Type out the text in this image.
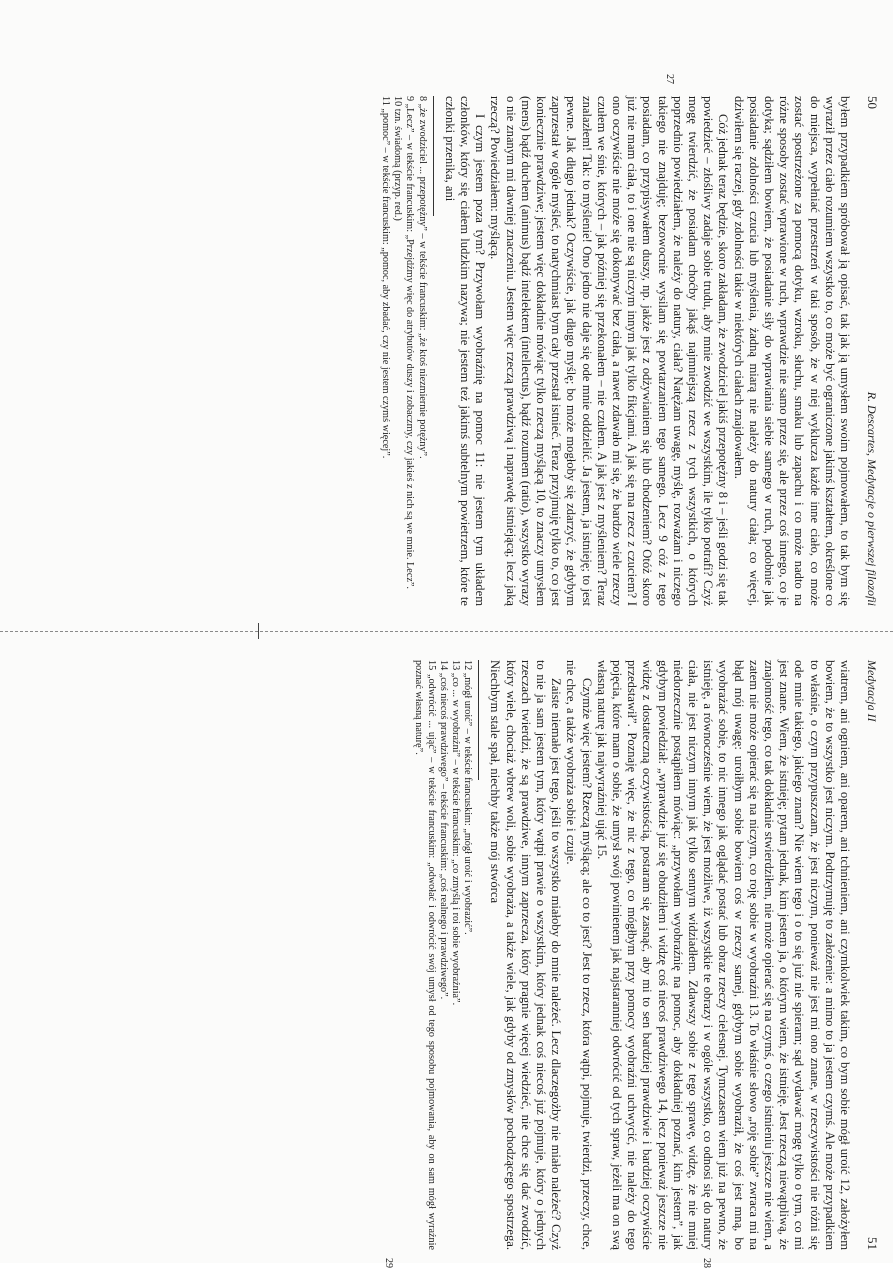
50
R. Descartes, Medytacje o pierwszej filozofii
27

byłem przypadkiem spróbował ją opisać, tak jak ją umysłem swoim pojmowałem, to tak bym się wyraził przez ciało rozumiem wszystko to, co może być ograniczone jakimś kształtem, określone co do miejsca, wypełniać przestrzeń w taki sposób, że w niej wyklucza każde inne ciało, co może zostać spostrzeżone za pomocą dotyku, wzroku, słuchu, smaku lub zapachu i co może nadto na różne sposoby zostać wprawione w ruch, wprawdzie nie samo przez się, ale przez coś innego, co je dotyka; sądziłem bowiem, że posiadanie siły do wprawiania siebie samego w ruch, podobnie jak posiadanie zdolności czucia lub myślenia, żadną miarą nie należy do natury ciała; co więcej, dziwiłem się raczej, gdy zdolności takie w niektórych ciałach znajdowałem.

Cóż jednak teraz będzie, skoro zakładam, że zwodziciel jakiś przepotężny 8 i – jeśli godzi się tak powiedzieć – złośliwy zadaje sobie trudu, aby mnie zwodzić we wszystkim, ile tylko potrafi? Czyż mogę twierdzić, że posiadam choćby jakąś najmniejszą rzecz z tych wszystkich, o których poprzednio powiedziałem, że należy do natury, ciała? Natężam uwagę, myślę, rozważam i niczego takiego nie znajduję; bezowocnie wysilam się powtarzaniem tego samego. Lecz 9 cóż z tego posiadam, co przypisywałem duszy, np. jakże jest z odżywianiem się lub chodzeniem? Otóż skoro już nie mam ciała, to i one nie są niczym innym jak tylko fikcjami. A jak się ma rzecz z czuciem? I ono oczywiście nie może się dokonywać bez ciała, a nawet zdawało mi się, że bardzo wiele rzeczy czułem we śnie, których – jak później się przekonałem – nie czułem. A jak jest z myśleniem? Teraz znalazłem! Tak: to myślenie! Ono jedno nie daje się ode mnie oddzielić. Ja jestem, ja istnieję; to jest pewne. Jak długo jednak? Oczywiście, jak długo myślę; bo może mogłoby się zdarzyć, że gdybym zaprzestał w ogóle myśleć, to natychmiast bym cały przestał istnieć. Teraz przyjmuję tylko to, co jest koniecznie prawdziwe; jestem więc dokładnie mówiąc tylko rzeczą myślącą 10, to znaczy umysłem (mens) bądź duchem (animus) bądź intelektem (intellectus), bądź rozumem (ratio), wszystko wyrazy o nie znanym mi dawniej znaczeniu. Jestem więc rzeczą prawdziwą i naprawdę istniejącą; lecz jaką rzeczą? Powiedziałem: myślącą.

I czym jestem poza tym? Przywołam wyobraźnię na pomoc 11: nie jestem tym układem członków, który się ciałem ludzkim nazywa; nie jestem też jakimś subtelnym powietrzem, które te członki przenika, ani

8 „że zwodziciel ... przepotężny” – w tekście francuskim: „że ktoś niezmiernie potężny”.

9 „Lecz” – w tekście francuskim: „Przejdźmy więc do atrybutów duszy i zobaczmy, czy jakieś z nich są we mnie. Lecz”.

10 tzn. świadomą (przyp. red.)

11 „pomoc” – w tekście francuskim: „pomoc, aby zbadać, czy nie jestem czymś więcej”.

Medytacja II
51
28
29

wiatrem, ani ogniem, ani oparem, ani tchnieniem, ani czymkolwiek takim, co bym sobie mógł uroić 12, założyłem bowiem, że to wszystko jest niczym. Podtrzymuję to założenie: a mimo to ja jestem czymś. Ale może przypadkiem to właśnie, o czym przypuszczam, że jest niczym, ponieważ nie jest mi ono znane, w rzeczywistości nie różni się ode mnie takiego, jakiego znam? Nie wiem tego i o to się już nie spieram; sąd wydawać mogę tylko o tym, co mi jest znane. Wiem, że istnieję; pytam jednak, kim jestem ja, o którym wiem, że istnieję. Jest rzeczą niewątpliwą, że znajomość tego, co tak dokładnie stwierdziłem, nie może opierać się na czymś, o czego istnieniu jeszcze nie wiem, a zatem nie może opierać się na niczym, co roję sobie w wyobraźni 13. To właśnie słowo „roję sobie” zwraca mi na błąd mój uwagę: uroiłbym sobie bowiem coś w rzeczy samej, gdybym sobie wyobraził, że coś jest mną, bo wyobrażać sobie, to nic innego jak oglądać postać lub obraz rzeczy cielesnej. Tymczasem wiem już na pewno, że istnieję, a równocześnie wiem, że jest możliwe, iż wszystkie te obrazy i w ogóle wszystko, co odnosi się do natury ciała, nie jest niczym innym jak tylko sennym widziadłem. Zdawszy sobie z tego sprawę, widzę, że nie mniej niedorzecznie postąpiłem mówiąc: „przywołam wyobraźnię na pomoc, aby dokładniej poznać, kim jestem”, jak gdybym powiedział: „wprawdzie już się obudziłem i widzę coś niecoś prawdziwego 14, lecz ponieważ jeszcze nie widzę z dostateczną oczywistością, postaram się zasnąć, aby mi to sen bardziej prawdziwie i bardziej oczywiście przedstawił”. Poznaję więc, że nic z tego, co mógłbym przy pomocy wyobraźni uchwycić, nie należy do tego pojęcia, które mam o sobie, że umysł swój powinienem jak najstaranniej odwrócić od tych spraw, jeżeli ma on swą własną naturę jak najwyraźniej ująć 15.

Czymże więc jestem? Rzeczą myślącą; ale co to jest? Jest to rzecz, która wątpi, pojmuje, twierdzi, przeczy, chce, nie chce, a także wyobraża sobie i czuje.

Zaiste niemało jest tego, jeśli to wszystko miałoby do mnie należeć. Lecz dlaczegożby nie miało należeć? Czyż to nie ja sam jestem tym, który wątpi prawie o wszystkim, który jednak coś niecoś już pojmuje, który o jednych rzeczach twierdzi, że są prawdziwe, innym zaprzecza, który pragnie więcej wiedzieć, nie chce się dać zwodzić, który wiele, chociaż wbrew woli, sobie wyobraża, a także wiele, jak gdyby od zmysłów pochodzącego spostrzega. Niechbym stale spał, niechby także mój stwórca

12 „mógł uroić” – w tekście francuskim: „mógł uroić i wyobrazić”.

13 „co ... w wyobraźni” – w tekście francuskim: „co zmyślą i roi sobie wyobraźnia”.

14 „coś niecoś prawdziwego” – tekście francuskim: „coś realnego i prawdziwego”.

15 „odwrócić ... ująć” – w tekście francuskim: „odwołać i odwrócić swój umysł od tego sposobu pojmowania, aby on sam mógł wyraźnie poznać własną naturę”.
